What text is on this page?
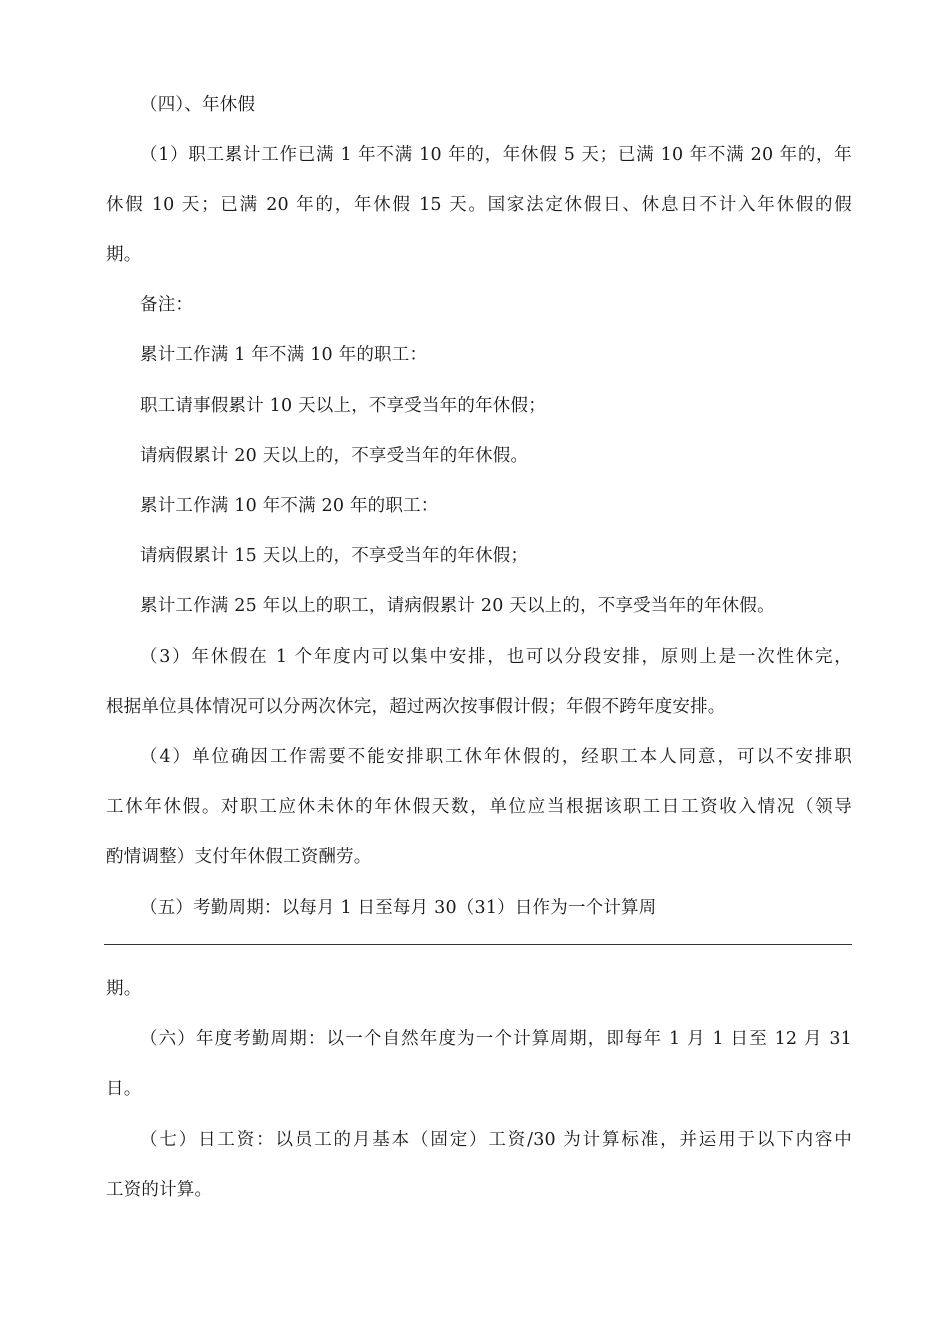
（四）、年休假
（1）职工累计工作已满 1 年不满 10 年的，年休假 5 天；已满 10 年不满 20 年的，年
休假 10 天；已满 20 年的，年休假 15 天。国家法定休假日、休息日不计入年休假的假
期。
备注：
累计工作满 1 年不满 10 年的职工：
职工请事假累计 10 天以上，不享受当年的年休假；
请病假累计 20 天以上的，不享受当年的年休假。
累计工作满 10 年不满 20 年的职工：
请病假累计 15 天以上的，不享受当年的年休假；
累计工作满 25 年以上的职工，请病假累计 20 天以上的，不享受当年的年休假。
（3）年休假在 1 个年度内可以集中安排，也可以分段安排，原则上是一次性休完，
根据单位具体情况可以分两次休完，超过两次按事假计假；年假不跨年度安排。
（4）单位确因工作需要不能安排职工休年休假的，经职工本人同意，可以不安排职
工休年休假。对职工应休未休的年休假天数，单位应当根据该职工日工资收入情况（领导
酌情调整）支付年休假工资酬劳。
（五）考勤周期：以每月 1 日至每月 30（31）日作为一个计算周
期。
（六）年度考勤周期：以一个自然年度为一个计算周期，即每年 1 月 1 日至 12 月 31
日。
（七）日工资：以员工的月基本（固定）工资/30 为计算标准，并运用于以下内容中
工资的计算。
